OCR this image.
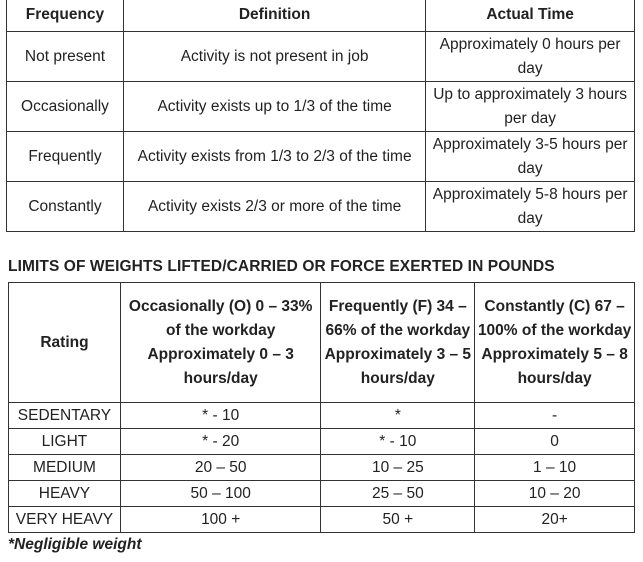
Frequency	Definition	Actual Time
Not present	Activity is not present in job	Approximately 0 hours per day
Occasionally	Activity exists up to 1/3 of the time	Up to approximately 3 hours per day
Frequently	Activity exists from 1/3 to 2/3 of the time	Approximately 3-5 hours per day
Constantly	Activity exists 2/3 or more of the time	Approximately 5-8 hours per day
LIMITS OF WEIGHTS LIFTED/CARRIED OR FORCE EXERTED IN POUNDS
Rating	Occasionally (O) 0 – 33% of the workday Approximately 0 – 3 hours/day	Frequently (F) 34 – 66% of the workday Approximately 3 – 5 hours/day	Constantly (C) 67 – 100% of the workday Approximately 5 – 8 hours/day
SEDENTARY	* - 10	*	-
LIGHT	* - 20	* - 10	0
MEDIUM	20 – 50	10 – 25	1 – 10
HEAVY	50 – 100	25 – 50	10 – 20
VERY HEAVY	100 +	50 +	20+
*Negligible weight
